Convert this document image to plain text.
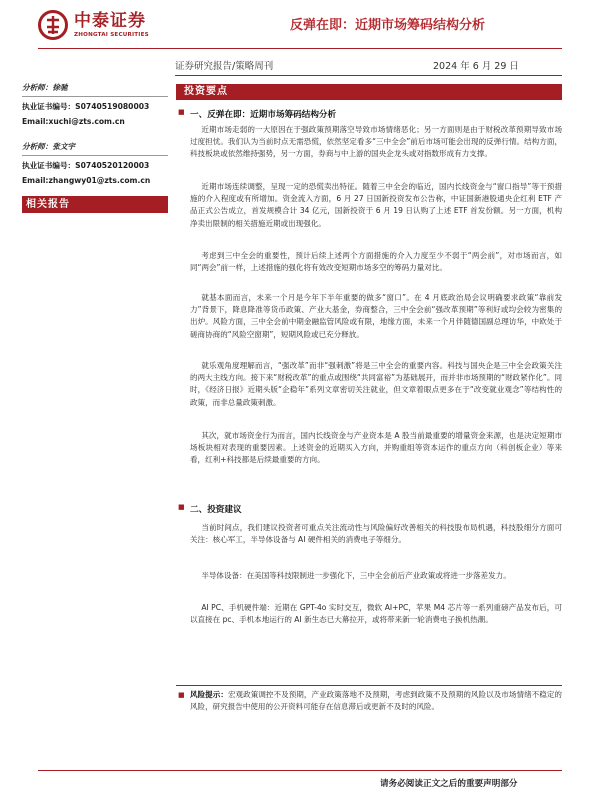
中泰证券
ZHONGTAI SECURITIES
反弹在即：近期市场筹码结构分析
证券研究报告/策略周刊	2024 年 6 月 29 日
分析师：徐驰
执业证书编号：S0740519080003
Email:xuchi@zts.com.cn
分析师：张文宇
执业证书编号：S0740520120003
Email:zhangwy01@zts.com.cn
相关报告
投资要点
■ 一、反弹在即：近期市场筹码结构分析
近期市场走弱的一大原因在于强政策预期落空导致市场情绪恶化；另一方面则是由于财税改革预期导致市场过度担忧。我们认为当前时点无需恐慌，依然坚定看多“三中全会”前后市场可能会出现的反弹行情。结构方面，科技板块或依然维持强势，另一方面，券商与中上游的国央企龙头或对指数形成有力支撑。
近期市场连续调整，呈现一定的恐慌卖出特征。随着三中全会的临近，国内长线资金与“窗口指导”等干预措施的介入程度或有所增加。资金流入方面，6 月 27 日国新投资发布公告称，中证国新港股通央企红利 ETF 产品正式公告成立，首发规模合计 34 亿元，国新投资于 6 月 19 日认购了上述 ETF 首发份额。另一方面，机构净卖出限制的相关措施近期或出现强化。
考虑到三中全会的重要性，预计后续上述两个方面措施的介入力度至少不弱于“两会前”，对市场而言，如同“两会”前一样，上述措施的强化将有效改变短期市场多空的筹码力量对比。
就基本面而言，未来一个月是今年下半年重要的做多“窗口”。在 4 月底政治局会议明确要求政策“靠前发力”背景下，降息降准等货币政策、产业大基金，券商整合，三中全会前“强改革预期”等利好或均会较为密集的出炉。风险方面，三中全会前中期金融监管风险或有限，地缘方面，未来一个月伴随德国副总理访华，中欧处于磋商协商的“风险空窗期”，短期风险或已充分释放。
就乐观角度理解而言，“强改革”而非“强刺激”将是三中全会的重要内容。科技与国央企是三中全会政策关注的两大主线方向。接下来“财税改革”的重点或围绕“共同富裕”为基础展开，而并非市场预期的“财政紧作化”。同时，《经济日报》近期头版“企稳年”系列文章密切关注就业，但文章着眼点更多在于“改变就业观念”等结构性的政策，而非总量政策刺激。
其次，就市场资金行为而言，国内长线资金与产业资本是 A 股当前最重要的增量资金来源，也是决定短期市场板块相对表现的重要因素。上述资金的近期买入方向，并购重组等资本运作的重点方向（科创板企业）等来看，红利+科技都是后续最重要的方向。
■ 二、投资建议
当前时间点，我们建议投资者可重点关注流动性与风险偏好改善相关的科技股布局机遇，科技股细分方面可关注：核心军工，半导体设备与 AI 硬件相关的消费电子等细分。
半导体设备：在美国等科技限制进一步强化下，三中全会前后产业政策或将进一步落差发力。
AI PC、手机硬件端：近期在 GPT-4o 实时交互，微软 AI+PC，苹果 M4 芯片等一系列重磅产品发布后，可以直接在 pc、手机本地运行的 AI 新生态已大幕拉开，或将带来新一轮消费电子换机热潮。
■ 风险提示：宏观政策调控不及预期，产业政策落地不及预期，考虑到政策不及预期的风险以及市场情绪不稳定的风险，研究报告中使用的公开资料可能存在信息滞后或更新不及时的风险。
请务必阅读正文之后的重要声明部分
